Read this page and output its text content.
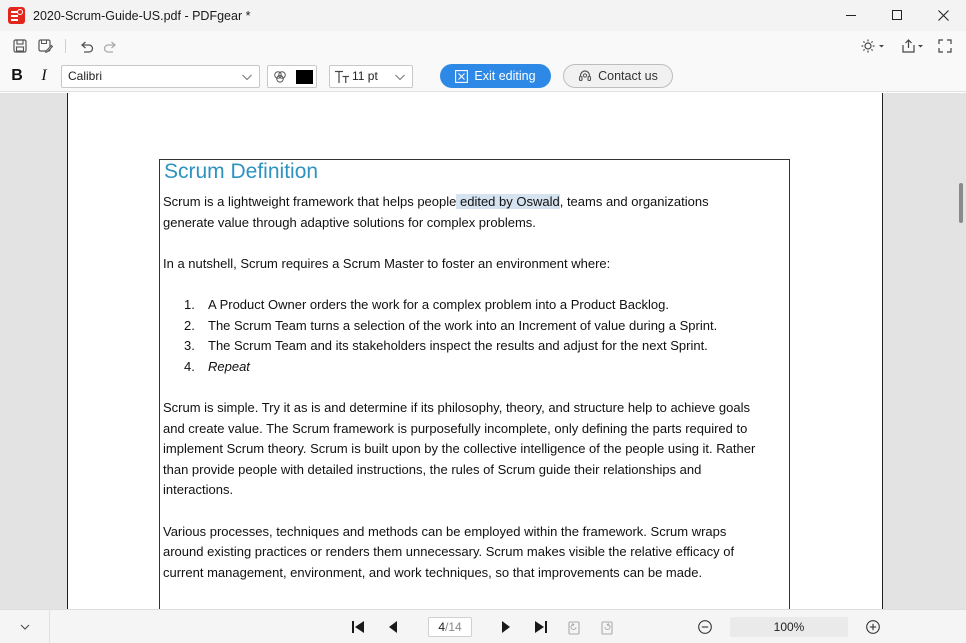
2020-Scrum-Guide-US.pdf - PDFgear *
B	I	Calibri	11 pt	Exit editing	Contact us
Scrum Definition
Scrum is a lightweight framework that helps people edited by Oswald, teams and organizations
generate value through adaptive solutions for complex problems.
In a nutshell, Scrum requires a Scrum Master to foster an environment where:
1. A Product Owner orders the work for a complex problem into a Product Backlog.
2. The Scrum Team turns a selection of the work into an Increment of value during a Sprint.
3. The Scrum Team and its stakeholders inspect the results and adjust for the next Sprint.
4. Repeat
Scrum is simple. Try it as is and determine if its philosophy, theory, and structure help to achieve goals
and create value. The Scrum framework is purposefully incomplete, only defining the parts required to
implement Scrum theory. Scrum is built upon by the collective intelligence of the people using it. Rather
than provide people with detailed instructions, the rules of Scrum guide their relationships and
interactions.
Various processes, techniques and methods can be employed within the framework. Scrum wraps
around existing practices or renders them unnecessary. Scrum makes visible the relative efficacy of
current management, environment, and work techniques, so that improvements can be made.
4/14	100%
